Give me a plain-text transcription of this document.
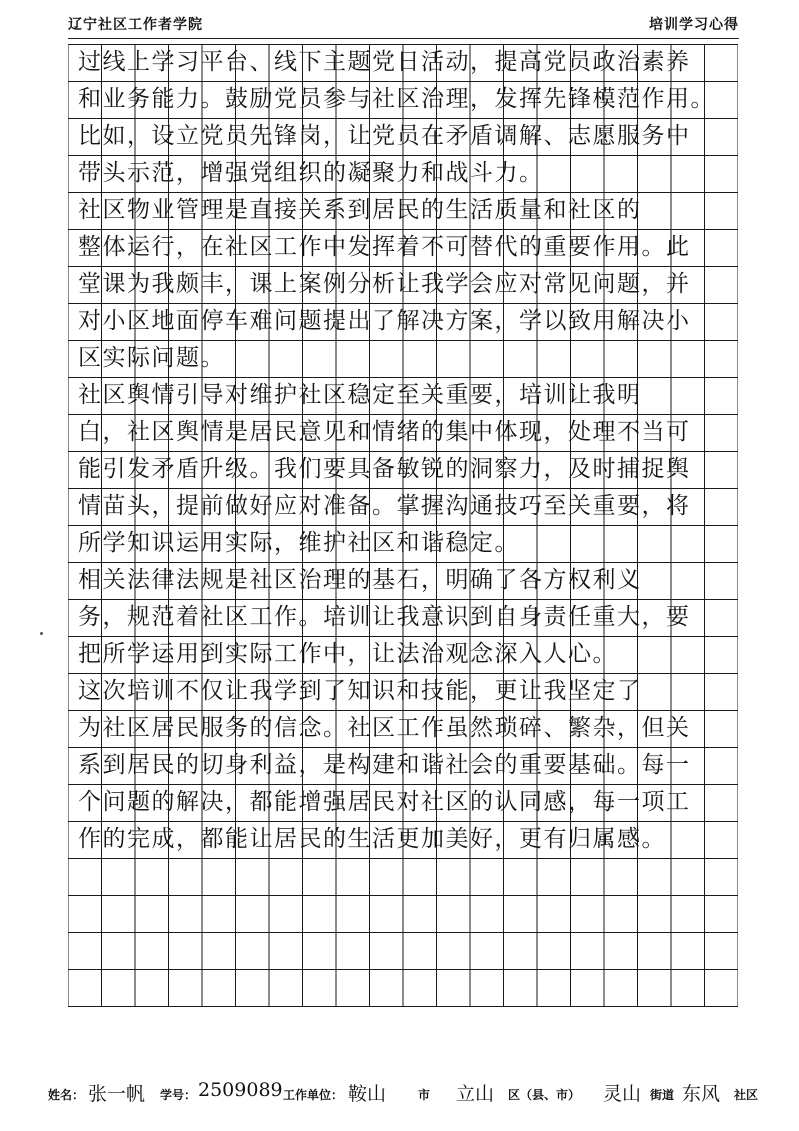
辽宁社区工作者学院	培训学习心得
过线上学习平台、线下主题党日活动，提高党员政治素养
和业务能力。鼓励党员参与社区治理，发挥先锋模范作用。
比如，设立党员先锋岗，让党员在矛盾调解、志愿服务中
带头示范，增强党组织的凝聚力和战斗力。
社区物业管理是直接关系到居民的生活质量和社区的
整体运行，在社区工作中发挥着不可替代的重要作用。此
堂课为我颇丰，课上案例分析让我学会应对常见问题，并
对小区地面停车难问题提出了解决方案，学以致用解决小
区实际问题。
社区舆情引导对维护社区稳定至关重要，培训让我明
白，社区舆情是居民意见和情绪的集中体现，处理不当可
能引发矛盾升级。我们要具备敏锐的洞察力，及时捕捉舆
情苗头，提前做好应对准备。掌握沟通技巧至关重要，将
所学知识运用实际，维护社区和谐稳定。
相关法律法规是社区治理的基石，明确了各方权利义
务，规范着社区工作。培训让我意识到自身责任重大，要
把所学运用到实际工作中，让法治观念深入人心。
这次培训不仅让我学到了知识和技能，更让我坚定了
为社区居民服务的信念。社区工作虽然琐碎、繁杂，但关
系到居民的切身利益，是构建和谐社会的重要基础。每一
个问题的解决，都能增强居民对社区的认同感，每一项工
作的完成，都能让居民的生活更加美好，更有归属感。
姓名： 张一帆 学号： 2509089 工作单位： 鞍山	市 立山 区（县、市） 灵山 街道 东风 社区
